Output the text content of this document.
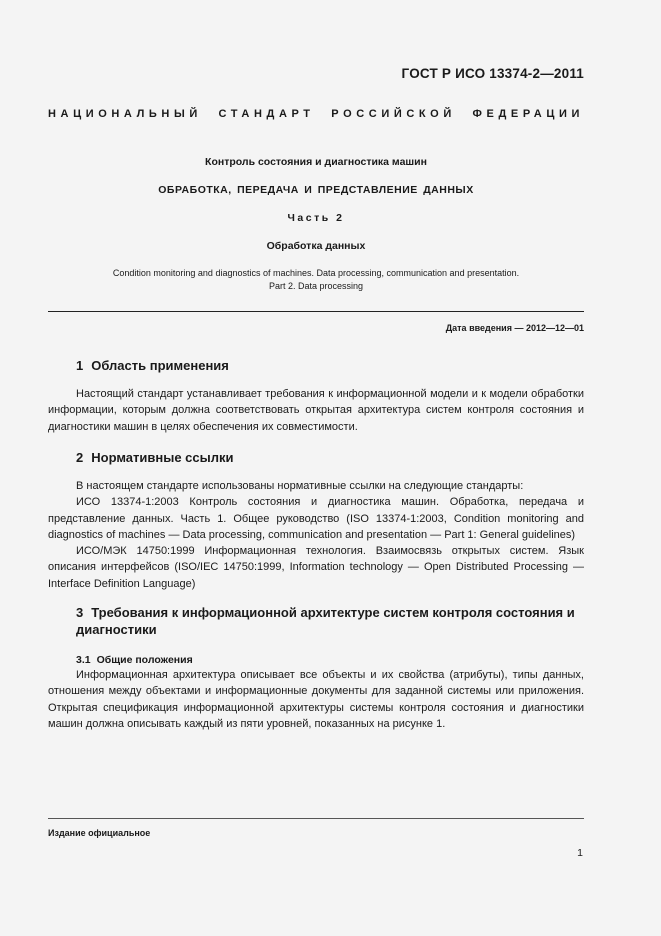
ГОСТ Р ИСО 13374-2—2011
НАЦИОНАЛЬНЫЙ СТАНДАРТ РОССИЙСКОЙ ФЕДЕРАЦИИ
Контроль состояния и диагностика машин
ОБРАБОТКА, ПЕРЕДАЧА И ПРЕДСТАВЛЕНИЕ ДАННЫХ
Часть 2
Обработка данных
Condition monitoring and diagnostics of machines. Data processing, communication and presentation.
Part 2. Data processing
Дата введения — 2012—12—01
1 Область применения

Настоящий стандарт устанавливает требования к информационной модели и к модели обработки информации, которым должна соответствовать открытая архитектура систем контроля состояния и диагностики машин в целях обеспечения их совместимости.

2 Нормативные ссылки

В настоящем стандарте использованы нормативные ссылки на следующие стандарты:

ИСО 13374-1:2003 Контроль состояния и диагностика машин. Обработка, передача и представление данных. Часть 1. Общее руководство (ISO 13374-1:2003, Condition monitoring and diagnostics of machines — Data processing, communication and presentation — Part 1: General guidelines)

ИСО/МЭК 14750:1999 Информационная технология. Взаимосвязь открытых систем. Язык описания интерфейсов (ISO/IEC 14750:1999, Information technology — Open Distributed Processing — Interface Definition Language)

3 Требования к информационной архитектуре систем контроля состояния и диагностики
3.1 Общие положения

Информационная архитектура описывает все объекты и их свойства (атрибуты), типы данных, отношения между объектами и информационные документы для заданной системы или приложения. Открытая спецификация информационной архитектуры системы контроля состояния и диагностики машин должна описывать каждый из пяти уровней, показанных на рисунке 1.

Издание официальное
1
